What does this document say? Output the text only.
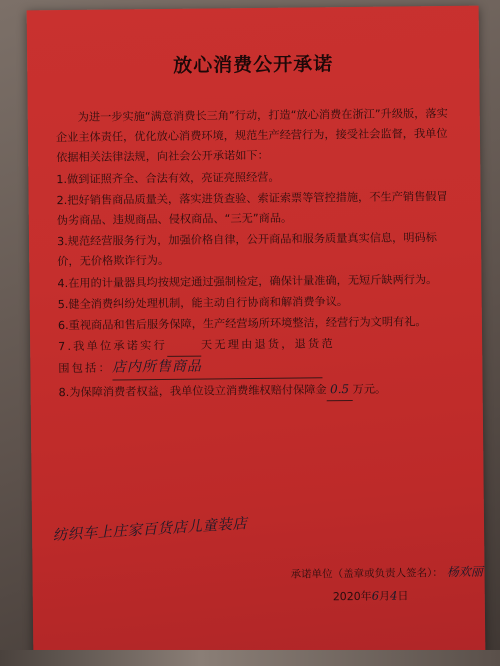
放心消费公开承诺

为进一步实施“满意消费长三角”行动，打造“放心消费在浙江”升级版，落实企业主体责任，优化放心消费环境，规范生产经营行为，接受社会监督，我单位依据相关法律法规，向社会公开承诺如下：

1.做到证照齐全、合法有效，亮证亮照经营。

2.把好销售商品质量关，落实进货查验、索证索票等管控措施，不生产销售假冒伪劣商品、违规商品、侵权商品、“三无”商品。

3.规范经营服务行为，加强价格自律，公开商品和服务质量真实信息，明码标价，无价格欺诈行为。

4.在用的计量器具均按规定通过强制检定，确保计量准确，无短斤缺两行为。

5.健全消费纠纷处理机制，能主动自行协商和解消费争议。

6.重视商品和售后服务保障，生产经营场所环境整洁，经营行为文明有礼。

7.我单位承诺实行	天无理由退货，退货范
围包括：店内所售商品

8.为保障消费者权益，我单位设立消费维权赔付保障金 0.5 万元。

纺织车上庄家百货店儿童装店
承诺单位（盖章或负责人签名）： 杨欢丽
2020年6月4日
